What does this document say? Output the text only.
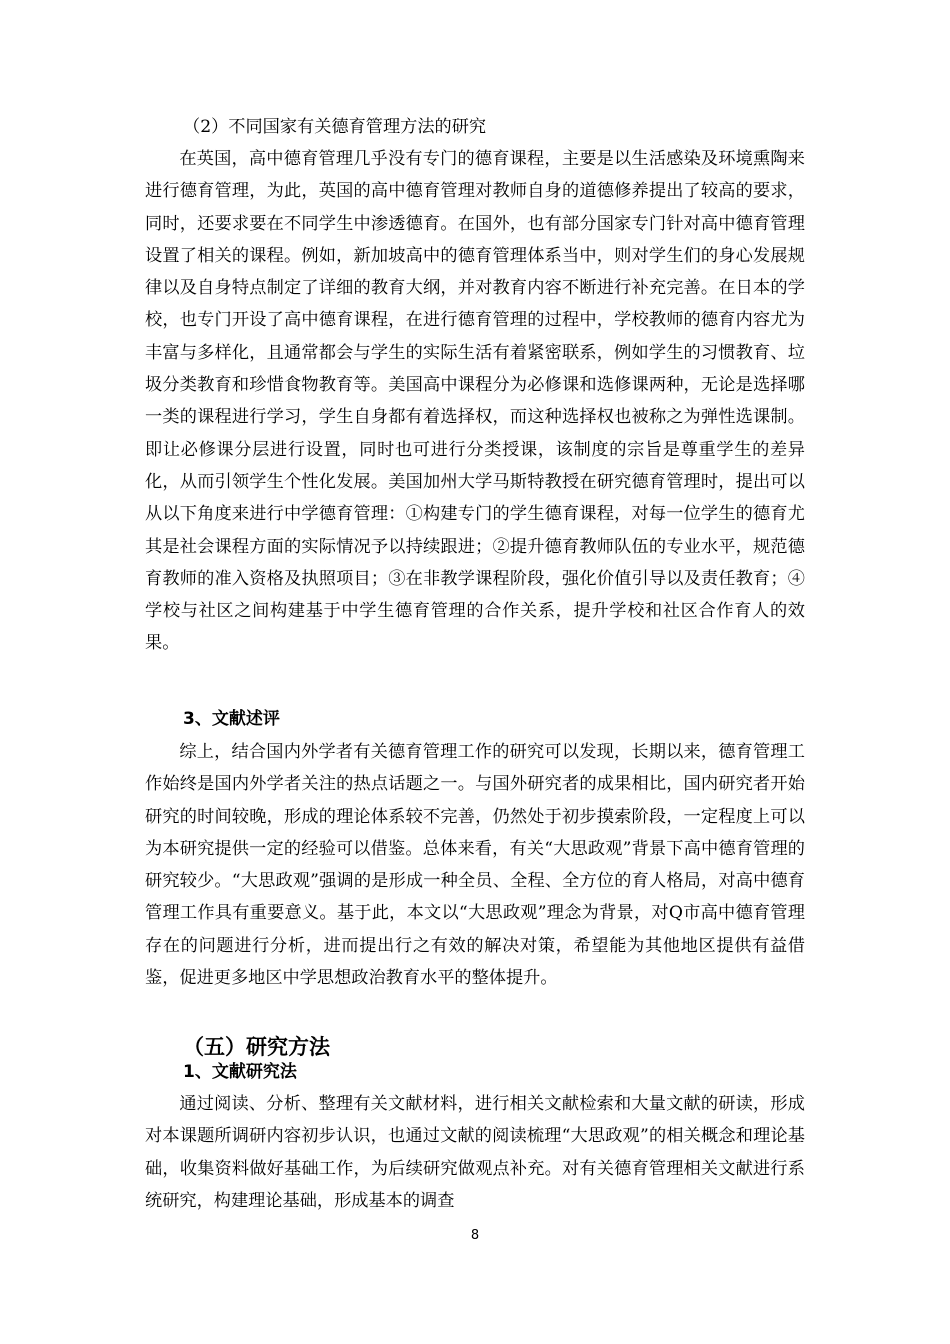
（2）不同国家有关德育管理方法的研究

在英国，高中德育管理几乎没有专门的德育课程，主要是以生活感染及环境熏陶来进行德育管理，为此，英国的高中德育管理对教师自身的道德修养提出了较高的要求，同时，还要求要在不同学生中渗透德育。在国外，也有部分国家专门针对高中德育管理设置了相关的课程。例如，新加坡高中的德育管理体系当中，则对学生们的身心发展规律以及自身特点制定了详细的教育大纲，并对教育内容不断进行补充完善。在日本的学校，也专门开设了高中德育课程，在进行德育管理的过程中，学校教师的德育内容尤为丰富与多样化，且通常都会与学生的实际生活有着紧密联系，例如学生的习惯教育、垃圾分类教育和珍惜食物教育等。美国高中课程分为必修课和选修课两种，无论是选择哪一类的课程进行学习，学生自身都有着选择权，而这种选择权也被称之为弹性选课制。即让必修课分层进行设置，同时也可进行分类授课，该制度的宗旨是尊重学生的差异化，从而引领学生个性化发展。美国加州大学马斯特教授在研究德育管理时，提出可以从以下角度来进行中学德育管理：①构建专门的学生德育课程，对每一位学生的德育尤其是社会课程方面的实际情况予以持续跟进；②提升德育教师队伍的专业水平，规范德育教师的准入资格及执照项目；③在非教学课程阶段，强化价值引导以及责任教育；④学校与社区之间构建基于中学生德育管理的合作关系，提升学校和社区合作育人的效果。

3、文献述评

综上，结合国内外学者有关德育管理工作的研究可以发现，长期以来，德育管理工作始终是国内外学者关注的热点话题之一。与国外研究者的成果相比，国内研究者开始研究的时间较晚，形成的理论体系较不完善，仍然处于初步摸索阶段，一定程度上可以为本研究提供一定的经验可以借鉴。总体来看，有关“大思政观”背景下高中德育管理的研究较少。“大思政观”强调的是形成一种全员、全程、全方位的育人格局，对高中德育管理工作具有重要意义。基于此，本文以“大思政观”理念为背景，对Q市高中德育管理存在的问题进行分析，进而提出行之有效的解决对策，希望能为其他地区提供有益借鉴，促进更多地区中学思想政治教育水平的整体提升。

（五）研究方法
1、文献研究法

通过阅读、分析、整理有关文献材料，进行相关文献检索和大量文献的研读，形成对本课题所调研内容初步认识，也通过文献的阅读梳理“大思政观”的相关概念和理论基础，收集资料做好基础工作，为后续研究做观点补充。对有关德育管理相关文献进行系统研究，构建理论基础，形成基本的调查

8
